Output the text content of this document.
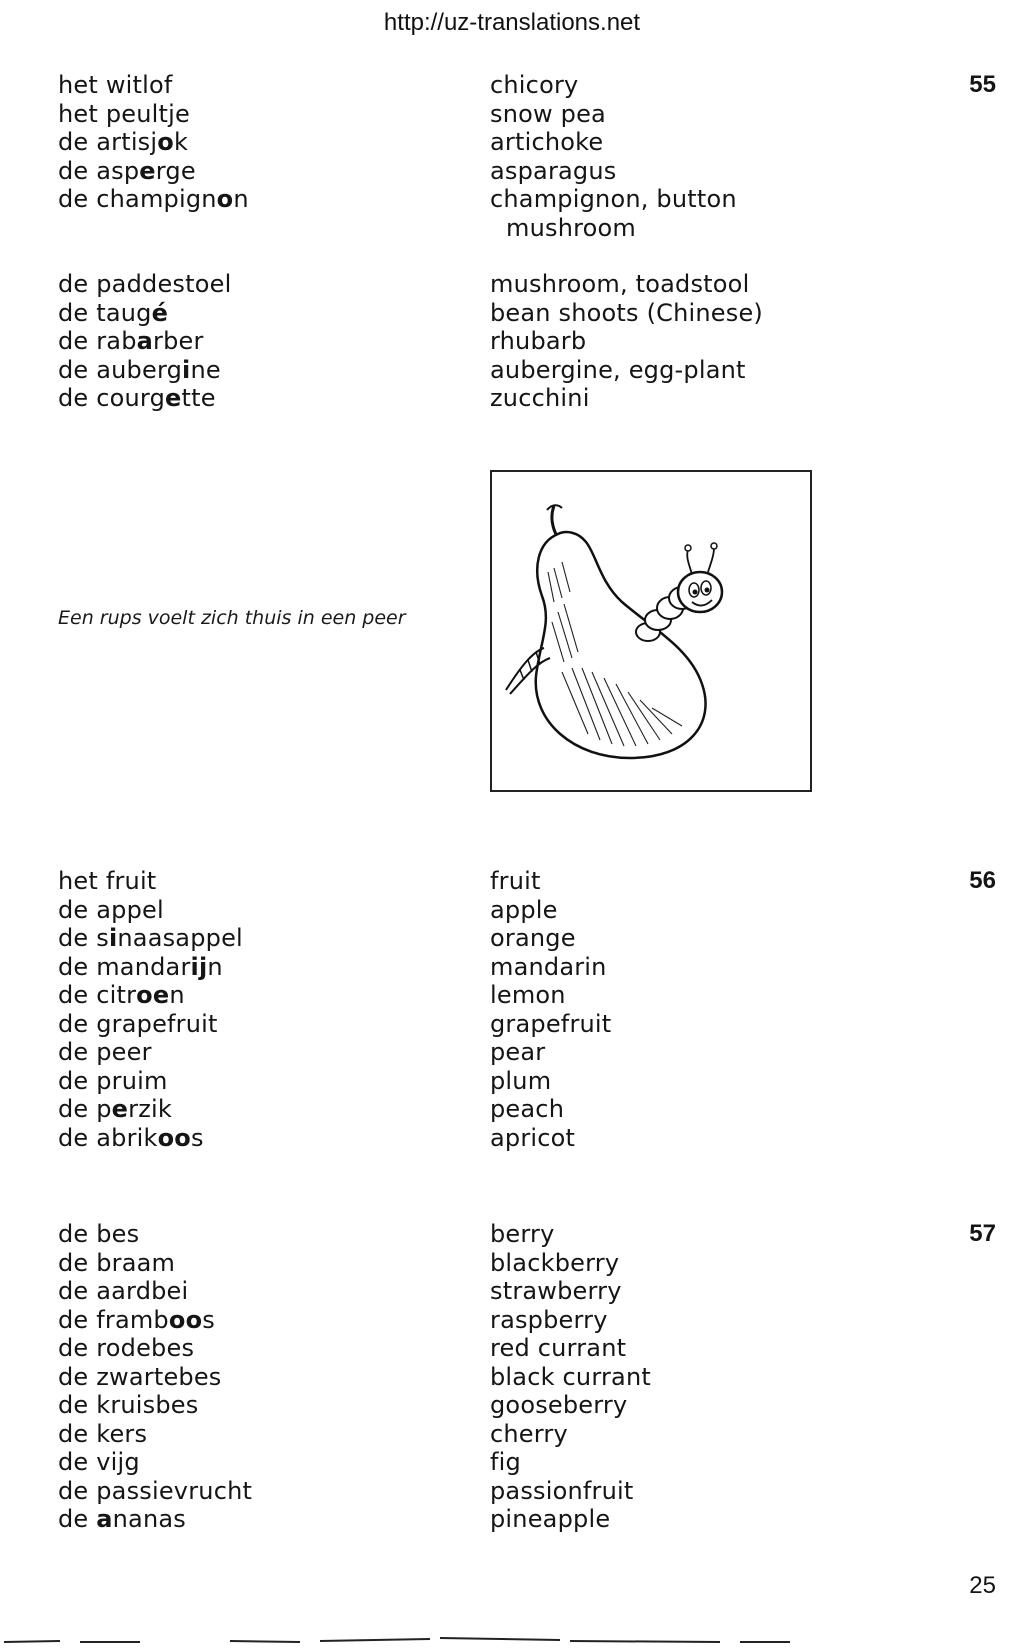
http://uz-translations.net
het witlof
het peultje
de artisjok
de asperge
de champignon
de paddestoel
de taugé
de rabarber
de aubergine
de courgette
chicory
snow pea
artichoke
asparagus
champignon, button
mushroom
mushroom, toadstool
bean shoots (Chinese)
rhubarb
aubergine, egg-plant
zucchini
55
Een rups voelt zich thuis in een peer
het fruit
de appel
de sinaasappel
de mandarijn
de citroen
de grapefruit
de peer
de pruim
de perzik
de abrikoos
fruit
apple
orange
mandarin
lemon
grapefruit
pear
plum
peach
apricot
56
de bes
de braam
de aardbei
de framboos
de rodebes
de zwartebes
de kruisbes
de kers
de vijg
de passievrucht
de ananas
berry
blackberry
strawberry
raspberry
red currant
black currant
gooseberry
cherry
fig
passionfruit
pineapple
57
25
